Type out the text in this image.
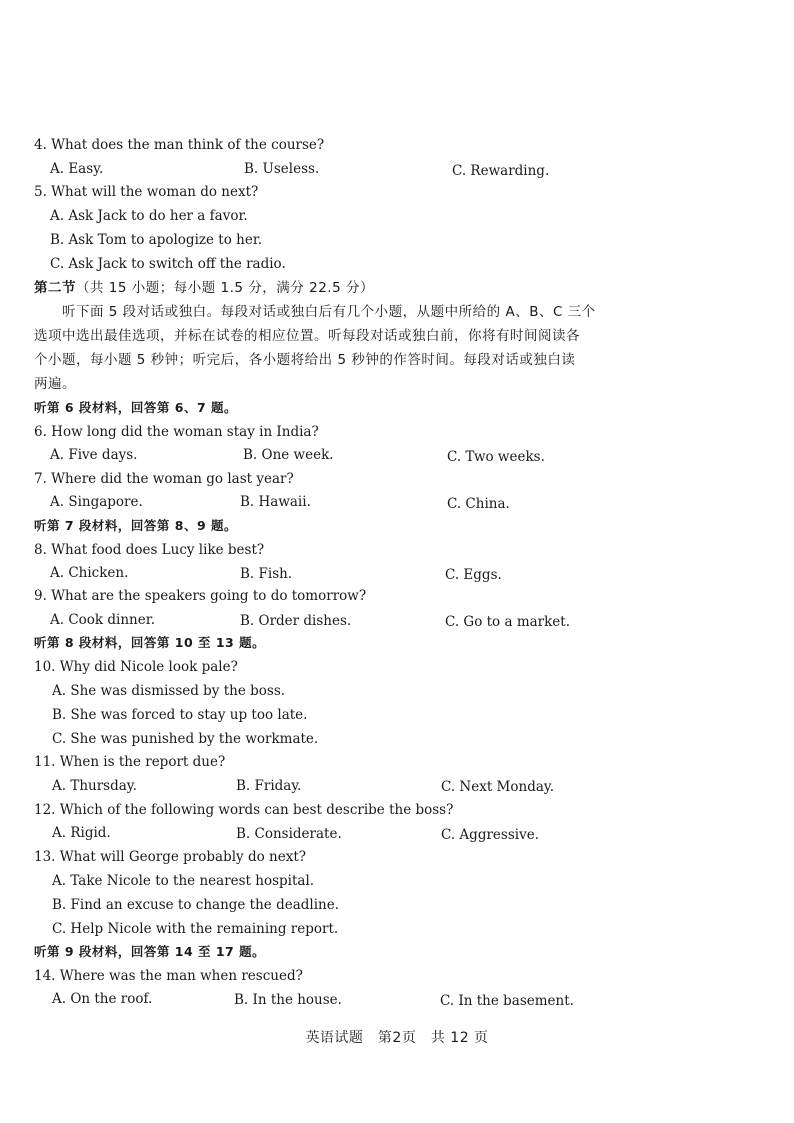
4. What does the man think of the course?
A. Easy.	B. Useless.	C. Rewarding.
5. What will the woman do next?
A. Ask Jack to do her a favor.
B. Ask Tom to apologize to her.
C. Ask Jack to switch off the radio.
第二节（共 15 小题；每小题 1.5 分，满分 22.5 分）
听下面 5 段对话或独白。每段对话或独白后有几个小题，从题中所给的 A、B、C 三个
选项中选出最佳选项，并标在试卷的相应位置。听每段对话或独白前，你将有时间阅读各
个小题，每小题 5 秒钟；听完后，各小题将给出 5 秒钟的作答时间。每段对话或独白读
两遍。
听第 6 段材料，回答第 6、7 题。
6. How long did the woman stay in India?
A. Five days.	B. One week.	C. Two weeks.
7. Where did the woman go last year?
A. Singapore.	B. Hawaii.	C. China.
听第 7 段材料，回答第 8、9 题。
8. What food does Lucy like best?
A. Chicken.	B. Fish.	C. Eggs.
9. What are the speakers going to do tomorrow?
A. Cook dinner.	B. Order dishes.	C. Go to a market.
听第 8 段材料，回答第 10 至 13 题。
10. Why did Nicole look pale?
A. She was dismissed by the boss.
B. She was forced to stay up too late.
C. She was punished by the workmate.
11. When is the report due?
A. Thursday.	B. Friday.	C. Next Monday.
12. Which of the following words can best describe the boss?
A. Rigid.	B. Considerate.	C. Aggressive.
13. What will George probably do next?
A. Take Nicole to the nearest hospital.
B. Find an excuse to change the deadline.
C. Help Nicole with the remaining report.
听第 9 段材料，回答第 14 至 17 题。
14. Where was the man when rescued?
A. On the roof.	B. In the house.	C. In the basement.
英语试题　第2页　共 12 页
